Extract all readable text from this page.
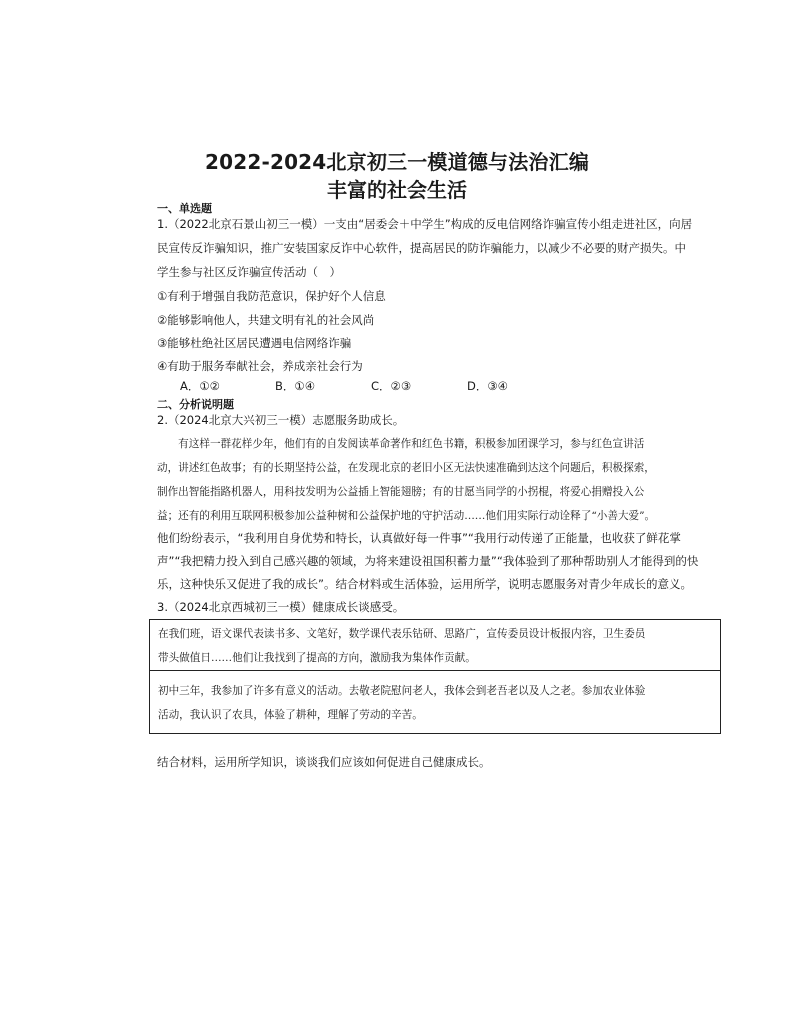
2022-2024北京初三一模道德与法治汇编
丰富的社会生活
一、单选题
1.（2022北京石景山初三一模）一支由“居委会＋中学生”构成的反电信网络诈骗宣传小组走进社区，向居
民宣传反诈骗知识，推广安装国家反诈中心软件，提高居民的防诈骗能力，以减少不必要的财产损失。中
学生参与社区反诈骗宣传活动（　）
①有利于增强自我防范意识，保护好个人信息
②能够影响他人，共建文明有礼的社会风尚
③能够杜绝社区居民遭遇电信网络诈骗
④有助于服务奉献社会，养成亲社会行为
A．①②	B．①④	C．②③	D．③④
二、分析说明题
2.（2024北京大兴初三一模）志愿服务助成长。
　　有这样一群花样少年，他们有的自发阅读革命著作和红色书籍，积极参加团课学习，参与红色宣讲活
动，讲述红色故事；有的长期坚持公益，在发现北京的老旧小区无法快速准确到达这个问题后，积极探索，
制作出智能指路机器人，用科技发明为公益插上智能翅膀；有的甘愿当同学的小拐棍，将爱心捐赠投入公
益；还有的利用互联网积极参加公益种树和公益保护地的守护活动……他们用实际行动诠释了“小善大爱”。
他们纷纷表示，“我利用自身优势和特长，认真做好每一件事”“我用行动传递了正能量，也收获了鲜花掌
声”“我把精力投入到自己感兴趣的领域，为将来建设祖国积蓄力量”“我体验到了那种帮助别人才能得到的快
乐，这种快乐又促进了我的成长”。结合材料或生活体验，运用所学，说明志愿服务对青少年成长的意义。
3.（2024北京西城初三一模）健康成长谈感受。
在我们班，语文课代表读书多、文笔好，数学课代表乐钻研、思路广，宣传委员设计板报内容，卫生委员
带头做值日……他们让我找到了提高的方向，激励我为集体作贡献。
初中三年，我参加了许多有意义的活动。去敬老院慰问老人，我体会到老吾老以及人之老。参加农业体验
活动，我认识了农具，体验了耕种，理解了劳动的辛苦。
结合材料，运用所学知识，谈谈我们应该如何促进自己健康成长。
